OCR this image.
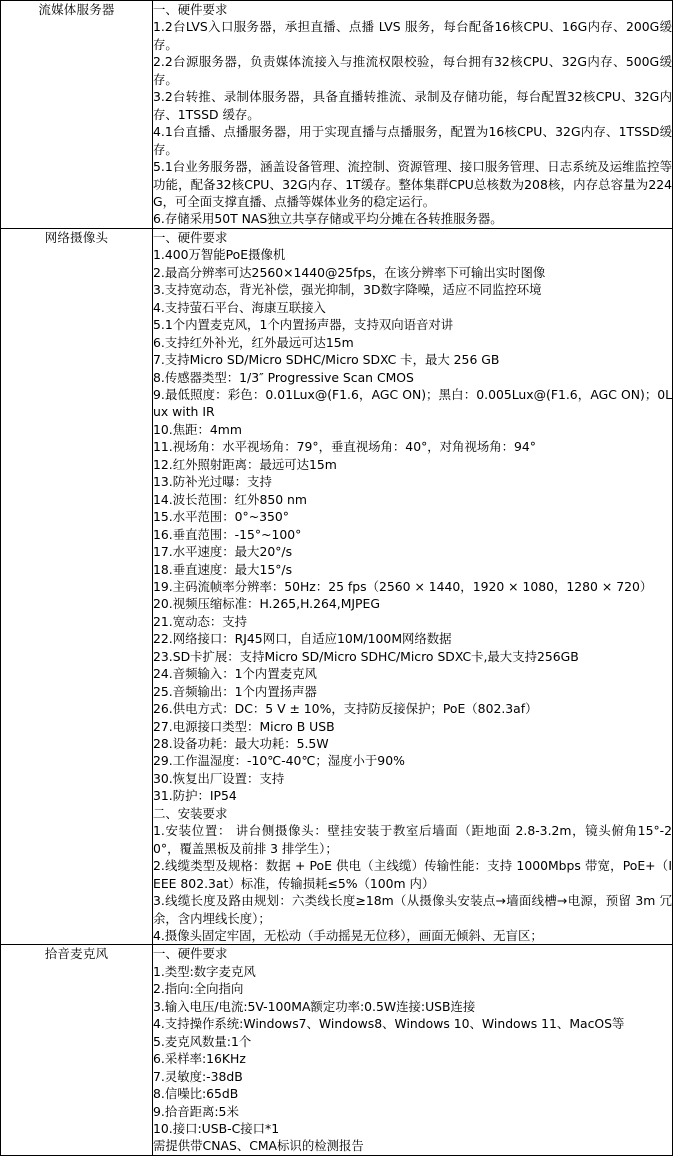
流媒体服务器	一、硬件要求
1.2台LVS入口服务器，承担直播、点播 LVS 服务，每台配备16核CPU、16G内存、200G缓存。
2.2台源服务器，负责媒体流接入与推流权限校验，每台拥有32核CPU、32G内存、500G缓存。
3.2台转推、录制体服务器，具备直播转推流、录制及存储功能，每台配置32核CPU、32G内存、1TSSD 缓存。
4.1台直播、点播服务器，用于实现直播与点播服务，配置为16核CPU、32G内存、1TSSD缓存。
5.1台业务服务器，涵盖设备管理、流控制、资源管理、接口服务管理、日志系统及运维监控等功能，配备32核CPU、32G内存、1T缓存。整体集群CPU总核数为208核，内存总容量为224G，可全面支撑直播、点播等媒体业务的稳定运行。
6.存储采用50T NAS独立共享存储或平均分摊在各转推服务器。

网络摄像头	一、硬件要求
1.400万智能PoE摄像机
2.最高分辨率可达2560×1440@25fps，在该分辨率下可输出实时图像
3.支持宽动态，背光补偿，强光抑制，3D数字降噪，适应不同监控环境
4.支持萤石平台、海康互联接入
5.1个内置麦克风，1个内置扬声器，支持双向语音对讲
6.支持红外补光，红外最远可达15m
7.支持Micro SD/Micro SDHC/Micro SDXC 卡，最大 256 GB
8.传感器类型：1/3″ Progressive Scan CMOS
9.最低照度：彩色：0.01Lux@(F1.6，AGC ON)；黑白：0.005Lux@(F1.6，AGC ON)；0Lux with IR
10.焦距：4mm
11.视场角：水平视场角：79°，垂直视场角：40°，对角视场角：94°
12.红外照射距离：最远可达15m
13.防补光过曝：支持
14.波长范围：红外850 nm
15.水平范围：0°~350°
16.垂直范围：-15°~100°
17.水平速度：最大20°/s
18.垂直速度：最大15°/s
19.主码流帧率分辨率：50Hz：25 fps（2560 × 1440，1920 × 1080，1280 × 720）
20.视频压缩标准：H.265,H.264,MJPEG
21.宽动态：支持
22.网络接口：RJ45网口，自适应10M/100M网络数据
23.SD卡扩展：支持Micro SD/Micro SDHC/Micro SDXC卡,最大支持256GB
24.音频输入：1个内置麦克风
25.音频输出：1个内置扬声器
26.供电方式：DC：5 V ± 10%，支持防反接保护；PoE（802.3af）
27.电源接口类型：Micro B USB
28.设备功耗：最大功耗：5.5W
29.工作温湿度：-10℃-40℃；湿度小于90%
30.恢复出厂设置：支持
31.防护：IP54
二、安装要求
1.安装位置： 讲台侧摄像头：壁挂安装于教室后墙面（距地面 2.8-3.2m，镜头俯角15°-20°，覆盖黑板及前排 3 排学生）；
2.线缆类型及规格：数据 + PoE 供电（主线缆）传输性能：支持 1000Mbps 带宽，PoE+（IEEE 802.3at）标准，传输损耗≤5%（100m 内）
3.线缆长度及路由规划：六类线长度≥18m（从摄像头安装点→墙面线槽→电源，预留 3m 冗余，含内埋线长度）；
4.摄像头固定牢固，无松动（手动摇晃无位移），画面无倾斜、无盲区；

拾音麦克风	一、硬件要求
1.类型:数字麦克风
2.指向:全向指向
3.输入电压/电流:5V-100MA额定功率:0.5W连接:USB连接
4.支持操作系统:Windows7、Windows8、Windows 10、Windows 11、MacOS等
5.麦克风数量:1个
6.采样率:16KHz
7.灵敏度:-38dB
8.信噪比:65dB
9.拾音距离:5米
10.接口:USB-C接口*1
需提供带CNAS、CMA标识的检测报告
